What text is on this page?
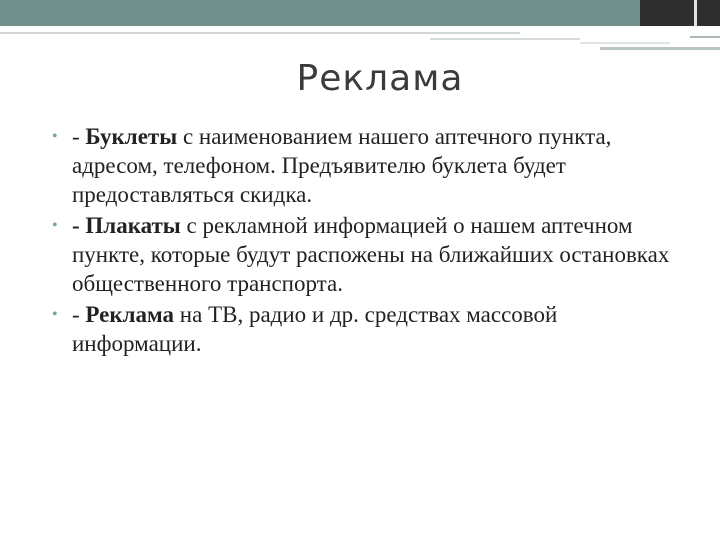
Реклама
• - Буклеты с наименованием нашего аптечного пункта, адресом, телефоном. Предъявителю буклета будет предоставляться скидка.
• - Плакаты с рекламной информацией о нашем аптечном пункте, которые будут распожены на ближайших остановках общественного транспорта.
• - Реклама на ТВ, радио и др. средствах массовой информации.
